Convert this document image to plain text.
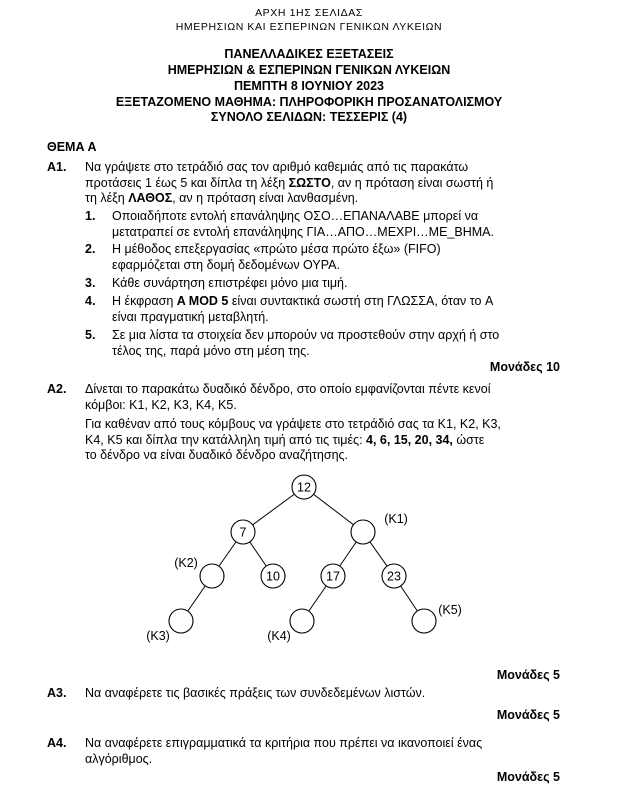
ΑΡΧΗ 1ΗΣ ΣΕΛΙΔΑΣ
ΗΜΕΡΗΣΙΩΝ ΚΑΙ ΕΣΠΕΡΙΝΩΝ ΓΕΝΙΚΩΝ ΛΥΚΕΙΩΝ
ΠΑΝΕΛΛΑΔΙΚΕΣ ΕΞΕΤΑΣΕΙΣ
ΗΜΕΡΗΣΙΩΝ & ΕΣΠΕΡΙΝΩΝ ΓΕΝΙΚΩΝ ΛΥΚΕΙΩΝ
ΠΕΜΠΤΗ 8 ΙΟΥΝΙΟΥ 2023
ΕΞΕΤΑΖΟΜΕΝΟ ΜΑΘΗΜΑ: ΠΛΗΡΟΦΟΡΙΚΗ ΠΡΟΣΑΝΑΤΟΛΙΣΜΟΥ
ΣΥΝΟΛΟ ΣΕΛΙΔΩΝ: ΤΕΣΣΕΡΙΣ (4)
ΘΕΜΑ Α
Α1. Να γράψετε στο τετράδιό σας τον αριθμό καθεμιάς από τις παρακάτω
προτάσεις 1 έως 5 και δίπλα τη λέξη ΣΩΣΤΟ, αν η πρόταση είναι σωστή ή
τη λέξη ΛΑΘΟΣ, αν η πρόταση είναι λανθασμένη.
1. Οποιαδήποτε εντολή επανάληψης ΟΣΟ…ΕΠΑΝΑΛΑΒΕ μπορεί να
μετατραπεί σε εντολή επανάληψης ΓΙΑ…ΑΠΟ…ΜΕΧΡΙ…ΜΕ_ΒΗΜΑ.
2. Η μέθοδος επεξεργασίας «πρώτο μέσα πρώτο έξω» (FIFO)
εφαρμόζεται στη δομή δεδομένων ΟΥΡΑ.
3. Κάθε συνάρτηση επιστρέφει μόνο μια τιμή.
4. Η έκφραση A MOD 5 είναι συντακτικά σωστή στη ΓΛΩΣΣΑ, όταν το A
είναι πραγματική μεταβλητή.
5. Σε μια λίστα τα στοιχεία δεν μπορούν να προστεθούν στην αρχή ή στο
τέλος της, παρά μόνο στη μέση της.
Μονάδες 10
Α2. Δίνεται το παρακάτω δυαδικό δένδρο, στο οποίο εμφανίζονται πέντε κενοί
κόμβοι: Κ1, Κ2, Κ3, Κ4, Κ5.
Για καθέναν από τους κόμβους να γράψετε στο τετράδιό σας τα Κ1, Κ2, Κ3,
Κ4, Κ5 και δίπλα την κατάλληλη τιμή από τις τιμές: 4, 6, 15, 20, 34, ώστε
το δένδρο να είναι δυαδικό δένδρο αναζήτησης.
12
7
10	17	23
(Κ1)
(Κ2)
(Κ3)	(Κ4)
(Κ5)
Μονάδες 5
Α3. Να αναφέρετε τις βασικές πράξεις των συνδεδεμένων λιστών.
Μονάδες 5
Α4. Να αναφέρετε επιγραμματικά τα κριτήρια που πρέπει να ικανοποιεί ένας
αλγόριθμος.
Μονάδες 5
